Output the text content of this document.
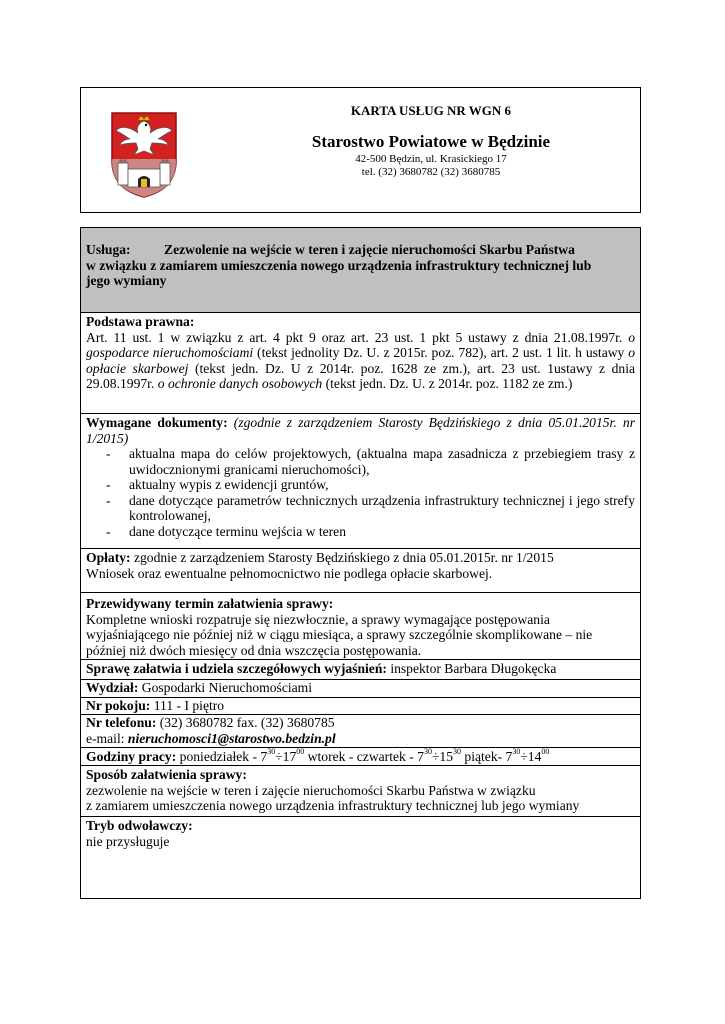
KARTA USŁUG NR WGN 6
Starostwo Powiatowe w Będzinie
42-500 Będzin, ul. Krasickiego 17
tel. (32) 3680782 (32) 3680785
Usługa: Zezwolenie na wejście w teren i zajęcie nieruchomości Skarbu Państwa
w związku z zamiarem umieszczenia nowego urządzenia infrastruktury technicznej lub
jego wymiany
Podstawa prawna:
Art. 11 ust. 1 w związku z art. 4 pkt 9 oraz art. 23 ust. 1 pkt 5 ustawy z dnia 21.08.1997r. o gospodarce nieruchomościami (tekst jednolity Dz. U. z 2015r. poz. 782), art. 2 ust. 1 lit. h ustawy o opłacie skarbowej (tekst jedn. Dz. U z 2014r. poz. 1628 ze zm.), art. 23 ust. 1ustawy z dnia 29.08.1997r. o ochronie danych osobowych (tekst jedn. Dz. U. z 2014r. poz. 1182 ze zm.)
Wymagane dokumenty: (zgodnie z zarządzeniem Starosty Będzińskiego z dnia 05.01.2015r. nr 1/2015)
- aktualna mapa do celów projektowych, (aktualna mapa zasadnicza z przebiegiem trasy z uwidocznionymi granicami nieruchomości),
- aktualny wypis z ewidencji gruntów,
- dane dotyczące parametrów technicznych urządzenia infrastruktury technicznej i jego strefy kontrolowanej,
- dane dotyczące terminu wejścia w teren
Opłaty: zgodnie z zarządzeniem Starosty Będzińskiego z dnia 05.01.2015r. nr 1/2015
Wniosek oraz ewentualne pełnomocnictwo nie podlega opłacie skarbowej.
Przewidywany termin załatwienia sprawy:
Kompletne wnioski rozpatruje się niezwłocznie, a sprawy wymagające postępowania wyjaśniającego nie później niż w ciągu miesiąca, a sprawy szczególnie skomplikowane – nie później niż dwóch miesięcy od dnia wszczęcia postępowania.
Sprawę załatwia i udziela szczegółowych wyjaśnień: inspektor Barbara Długokęcka
Wydział: Gospodarki Nieruchomościami
Nr pokoju: 111 - I piętro
Nr telefonu: (32) 3680782 fax. (32) 3680785
e-mail: nieruchomosci1@starostwo.bedzin.pl
Godziny pracy: poniedziałek - $7^{30}\div 17^{00}$ wtorek - czwartek - $7^{30}\div 15^{30}$ piątek- $7^{30}\div 14^{00}$
Sposób załatwienia sprawy:
zezwolenie na wejście w teren i zajęcie nieruchomości Skarbu Państwa w związku
z zamiarem umieszczenia nowego urządzenia infrastruktury technicznej lub jego wymiany
Tryb odwoławczy:
nie przysługuje
